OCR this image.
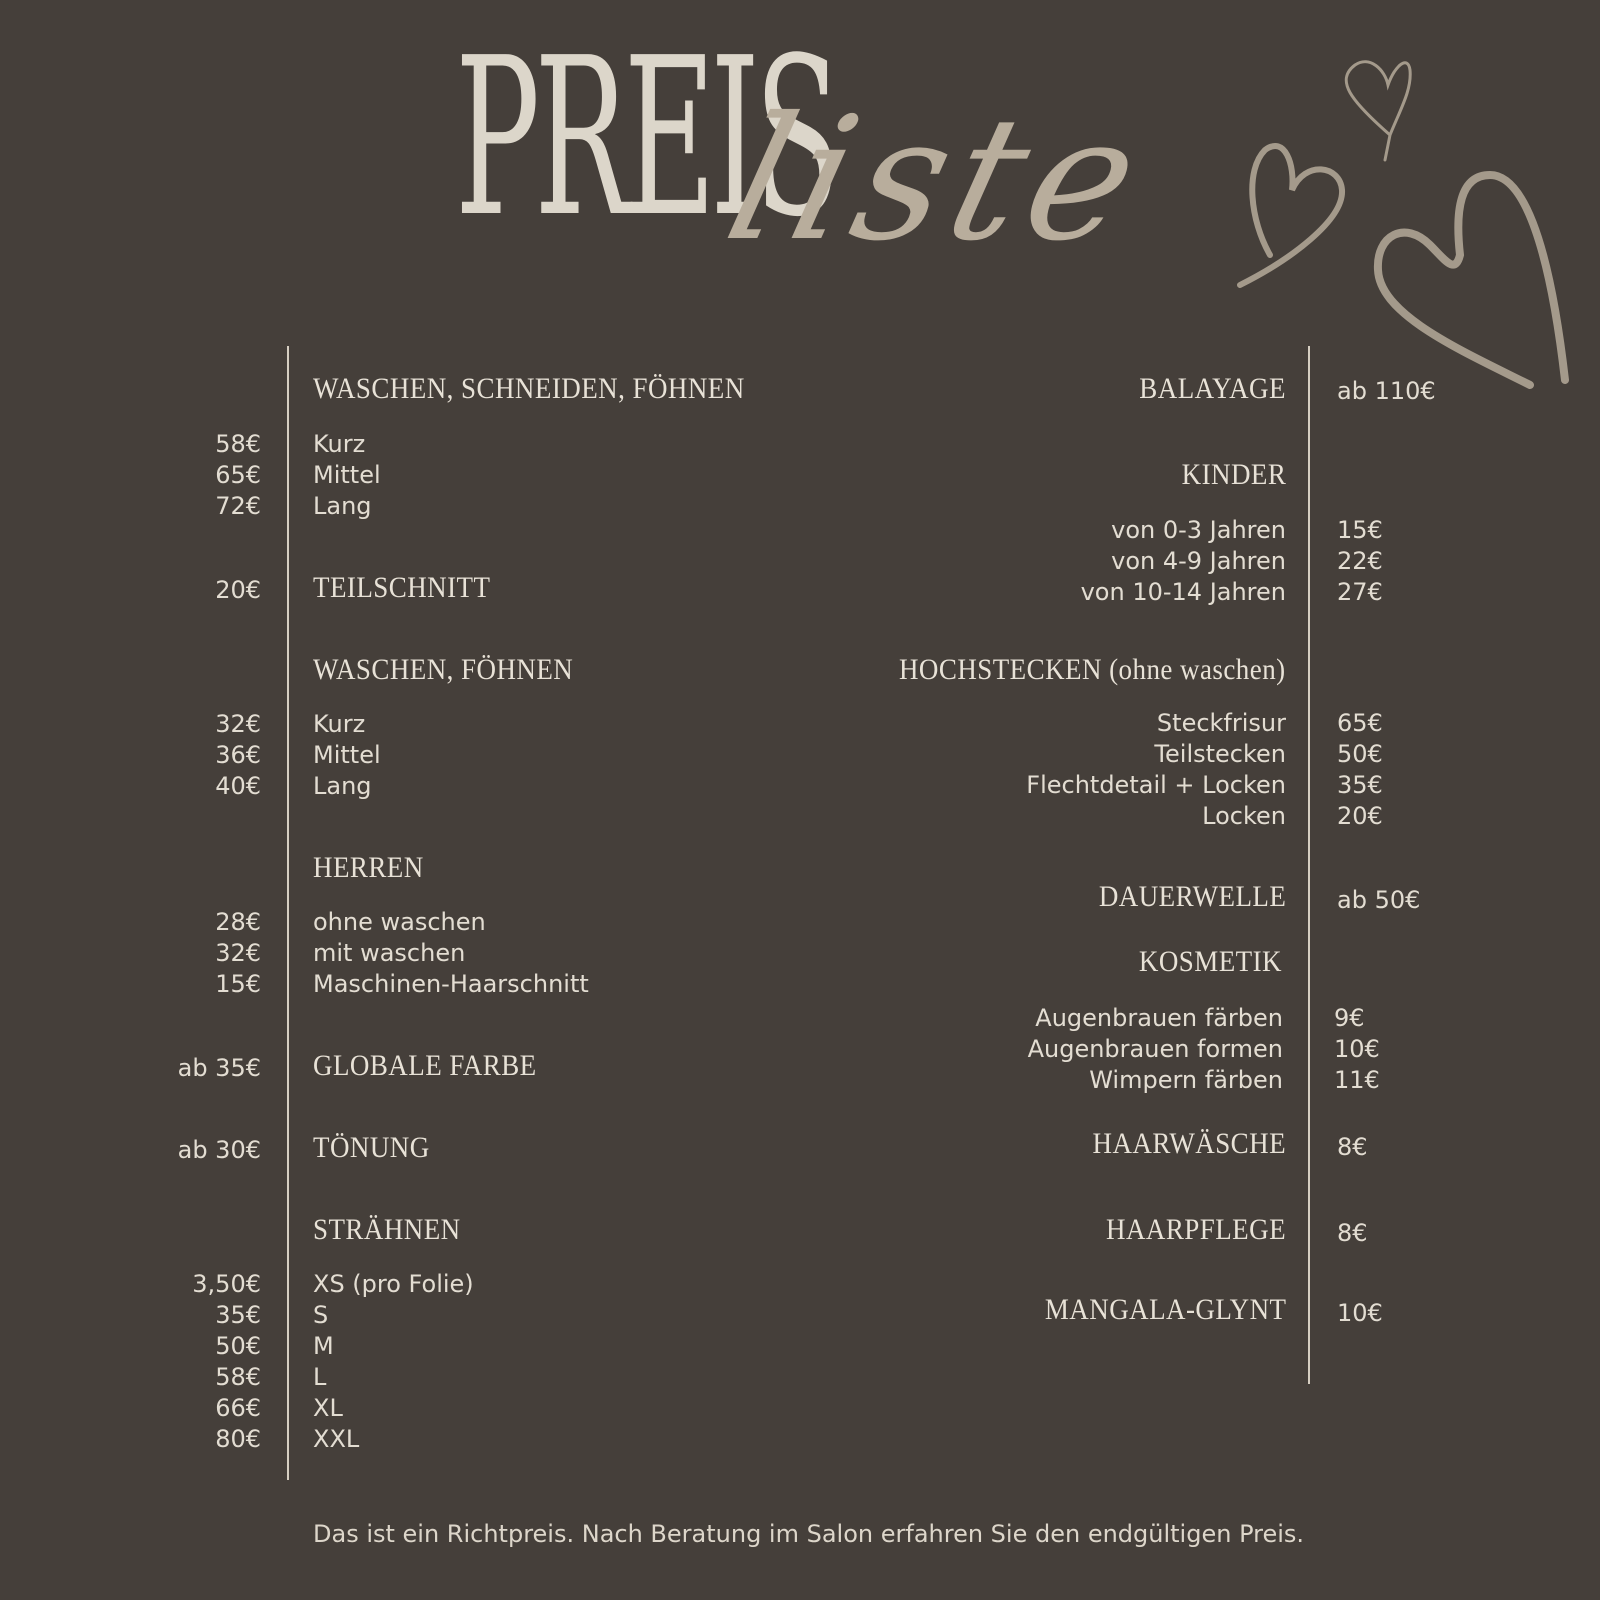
PREIS
liste
WASCHEN, SCHNEIDEN, FÖHNEN
58€ Kurz
65€ Mittel
72€ Lang
20€ TEILSCHNITT
WASCHEN, FÖHNEN
32€ Kurz
36€ Mittel
40€ Lang
HERREN
28€ ohne waschen
32€ mit waschen
15€ Maschinen-Haarschnitt
ab 35€ GLOBALE FARBE
ab 30€ TÖNUNG
STRÄHNEN
3,50€ XS (pro Folie)
35€ S
50€ M
58€ L
66€ XL
80€ XXL
BALAYAGE ab 110€
KINDER
von 0-3 Jahren 15€
von 4-9 Jahren 22€
von 10-14 Jahren 27€
HOCHSTECKEN (ohne waschen)
Steckfrisur 65€
Teilstecken 50€
Flechtdetail + Locken 35€
Locken 20€
DAUERWELLE ab 50€
KOSMETIK
Augenbrauen färben 9€
Augenbrauen formen 10€
Wimpern färben 11€
HAARWÄSCHE 8€
HAARPFLEGE 8€
MANGALA-GLYNT 10€
Das ist ein Richtpreis. Nach Beratung im Salon erfahren Sie den endgültigen Preis.
